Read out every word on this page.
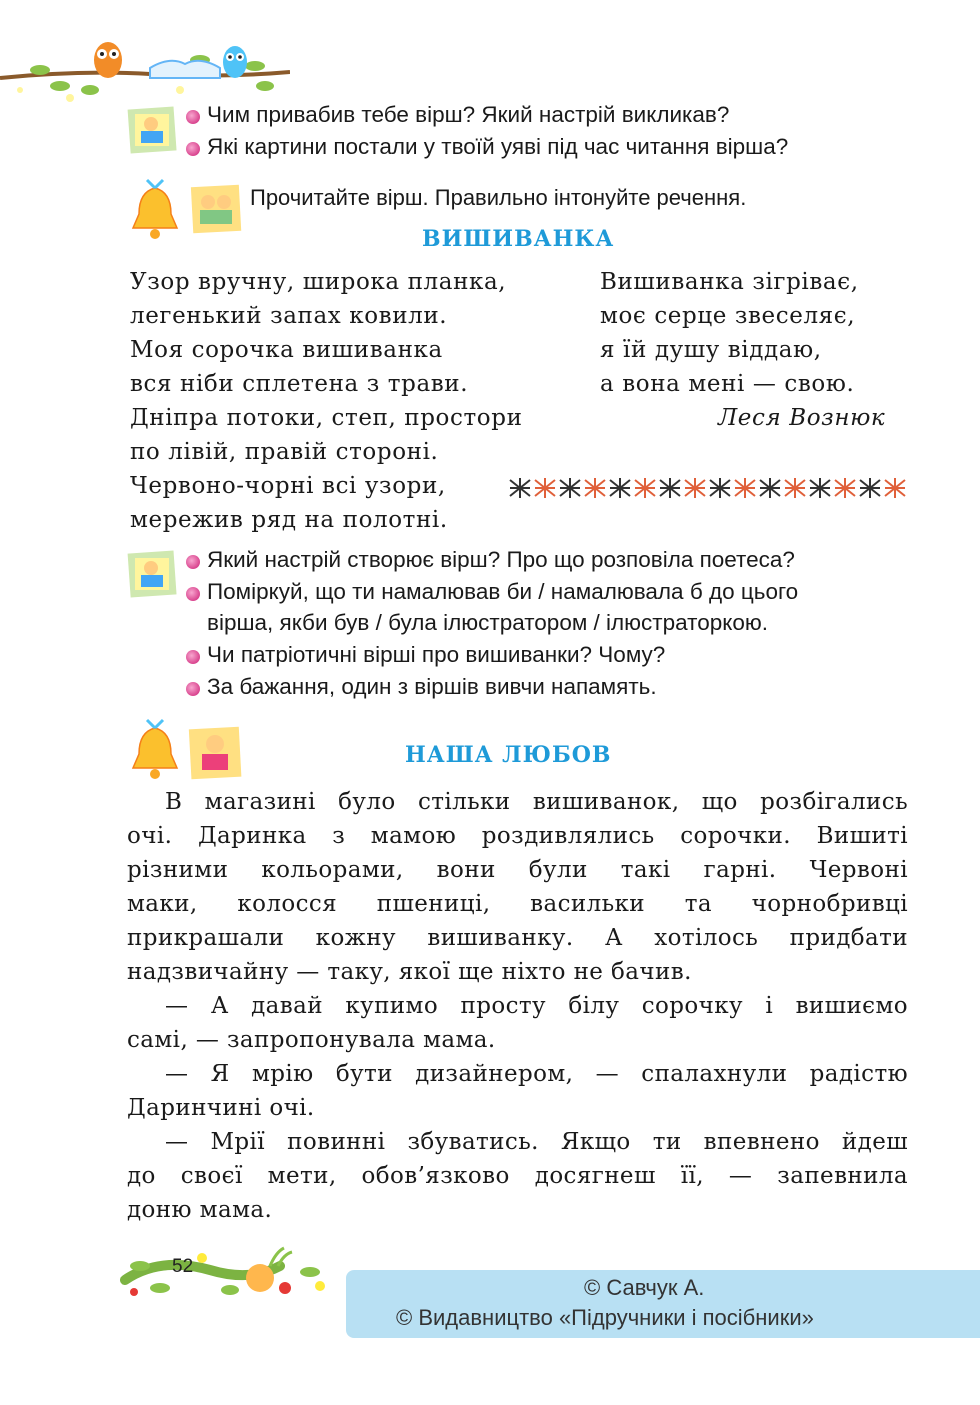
Чим привабив тебе вірш? Який настрій викликав?
Які картини постали у твоїй уяві під час читання вірша?
Прочитайте вірш. Правильно інтонуйте речення.
ВИШИВАНКА
Узор вручну, широка планка,
легенький запах ковили.
Моя сорочка вишиванка
вся ніби сплетена з трави.
Дніпра потоки, степ, простори
по лівій, правій стороні.
Червоно-чорні всі узори,
мережив ряд на полотні.
Вишиванка зігріває,
моє серце звеселяє,
я їй душу віддаю,
а вона мені — свою.
Леся Вознюк
Який настрій створює вірш? Про що розповіла поетеса?
Поміркуй, що ти намалював би / намалювала б до цього
вірша, якби був / була ілюстратором / ілюстраторкою.
Чи патріотичні вірші про вишиванки? Чому?
За бажання, один з віршів вивчи напамять.
НАША ЛЮБОВ
В магазині було стільки вишиванок, що розбігались
очі. Даринка з мамою роздивлялись сорочки. Вишиті
різними кольорами, вони були такі гарні. Червоні
маки, колосся пшениці, васильки та чорнобривці
прикрашали кожну вишиванку. А хотілось придбати
надзвичайну — таку, якої ще ніхто не бачив.
— А давай купимо просту білу сорочку і вишиємо
самі, — запропонувала мама.
— Я мрію бути дизайнером, — спалахнули радістю
Даринчині очі.
— Мрії повинні збуватись. Якщо ти впевнено йдеш
до своєї мети, обов’язково досягнеш її, — запевнила
доню мама.
52
© Савчук А.
© Видавництво «Підручники і посібники»
